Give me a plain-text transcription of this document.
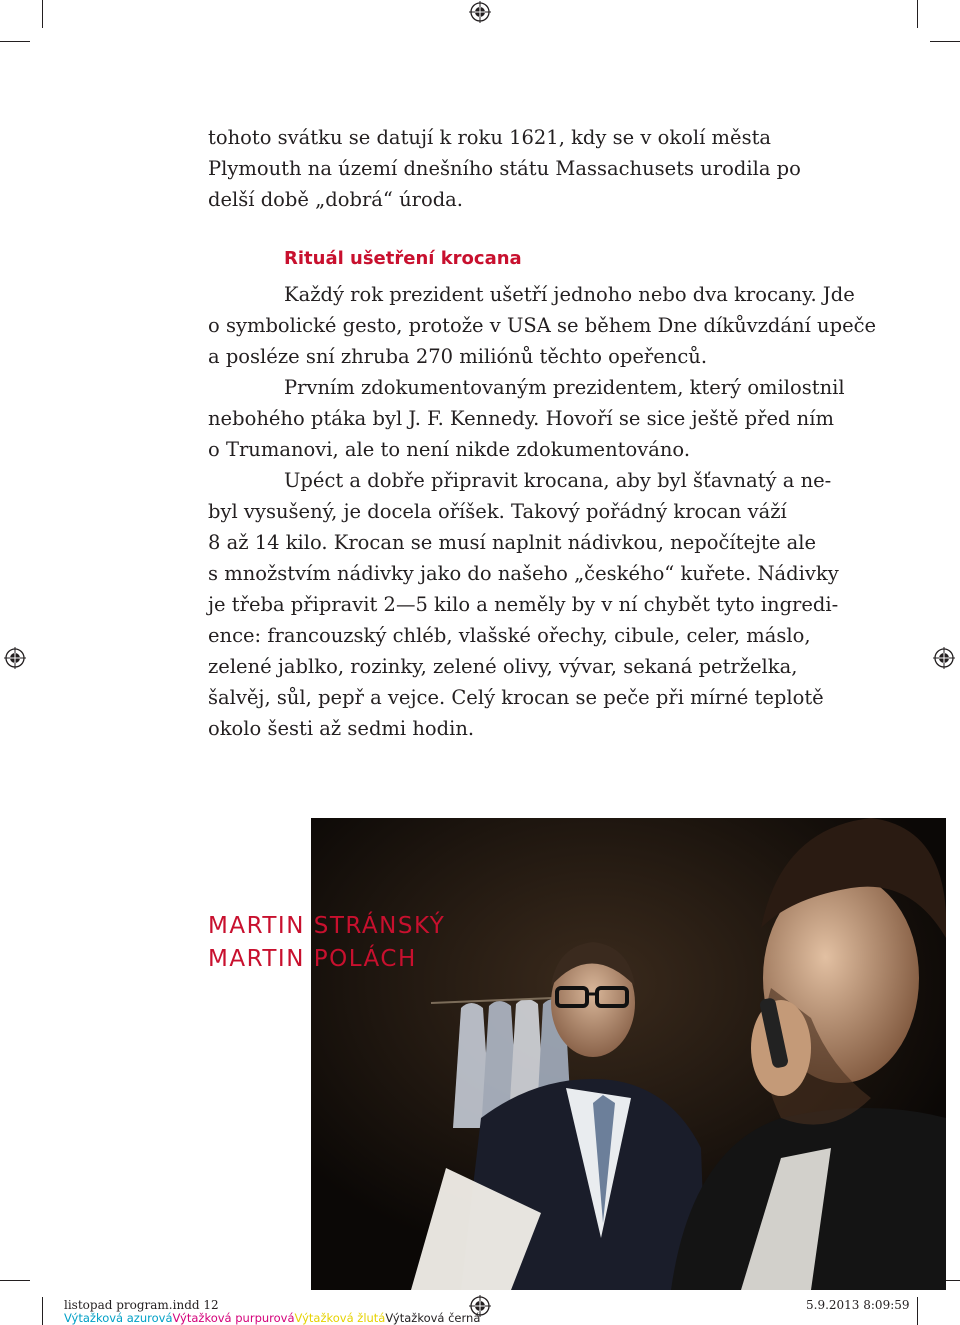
tohoto svátku se datují k roku 1621, kdy se v okolí města
Plymouth na území dnešního státu Massachusets urodila po
delší době „dobrá“ úroda.

Rituál ušetření krocana

Každý rok prezident ušetří jednoho nebo dva krocany. Jde
o symbolické gesto, protože v USA se během Dne díkůvzdání upeče
a posléze sní zhruba 270 miliónů těchto opeřenců.

Prvním zdokumentovaným prezidentem, který omilostnil
nebohého ptáka byl J. F. Kennedy. Hovoří se sice ještě před ním
o Trumanovi, ale to není nikde zdokumentováno.

Upéct a dobře připravit krocana, aby byl šťavnatý a ne-
byl vysušený, je docela oříšek. Takový pořádný krocan váží
8 až 14 kilo. Krocan se musí naplnit nádivkou, nepočítejte ale
s množstvím nádivky jako do našeho „českého“ kuřete. Nádivky
je třeba připravit 2—5 kilo a neměly by v ní chybět tyto ingredi-
ence: francouzský chléb, vlašské ořechy, cibule, celer, máslo,
zelené jablko, rozinky, zelené olivy, vývar, sekaná petrželka,
šalvěj, sůl, pepř a vejce. Celý krocan se peče při mírné teplotě
okolo šesti až sedmi hodin.

MARTIN STRÁNSKÝ
MARTIN POLÁCH
listopad program.indd 12	5.9.2013 8:09:59
Výtažková azurováVýtažková purpurováVýtažková žlutáVýtažková černá
